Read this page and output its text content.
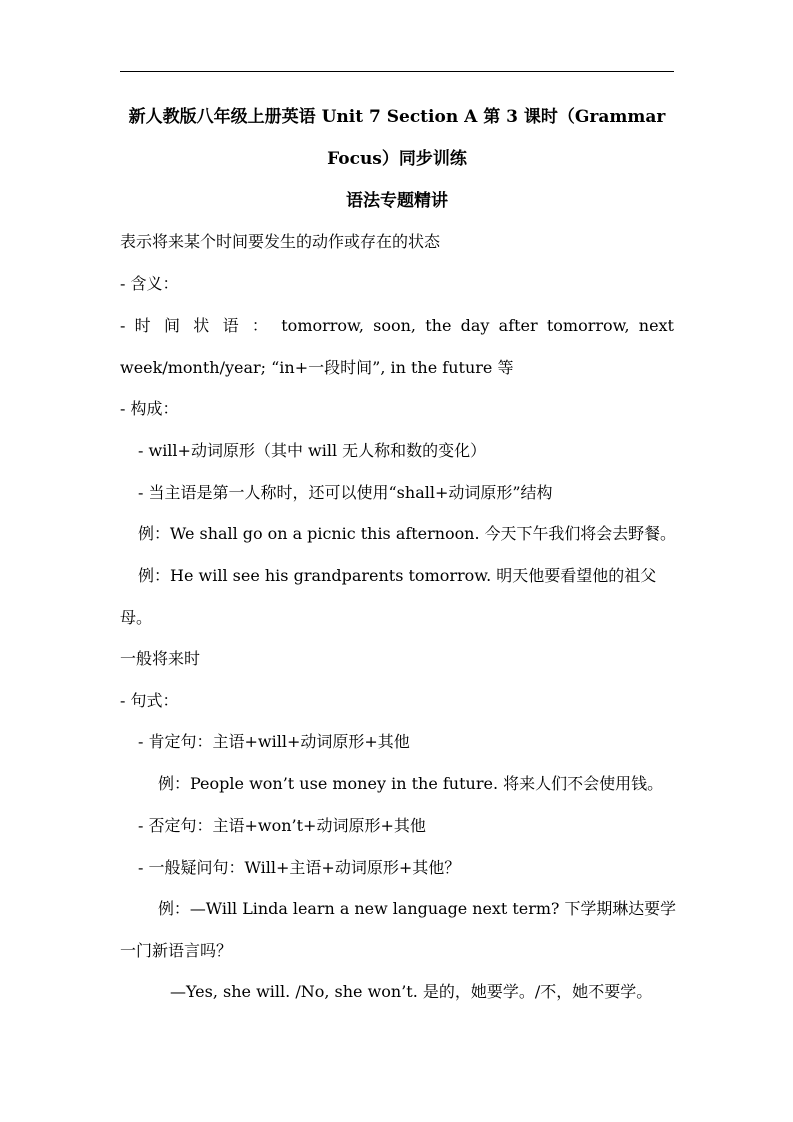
新人教版八年级上册英语 Unit 7 Section A 第 3 课时（Grammar
Focus）同步训练
语法专题精讲
表示将来某个时间要发生的动作或存在的状态
- 含义：
- 时 间 状 语 ： tomorrow, soon, the day after tomorrow, next
week/month/year; “in+一段时间”, in the future 等
- 构成：
- will+动词原形（其中 will 无人称和数的变化）
- 当主语是第一人称时，还可以使用“shall+动词原形”结构
例：We shall go on a picnic this afternoon. 今天下午我们将会去野餐。
例：He will see his grandparents tomorrow. 明天他要看望他的祖父
母。
一般将来时
- 句式：
- 肯定句：主语+will+动词原形+其他
例：People won’t use money in the future. 将来人们不会使用钱。
- 否定句：主语+won’t+动词原形+其他
- 一般疑问句：Will+主语+动词原形+其他？
例：—Will Linda learn a new language next term? 下学期琳达要学
一门新语言吗？
—Yes, she will. /No, she won’t. 是的，她要学。/不，她不要学。
